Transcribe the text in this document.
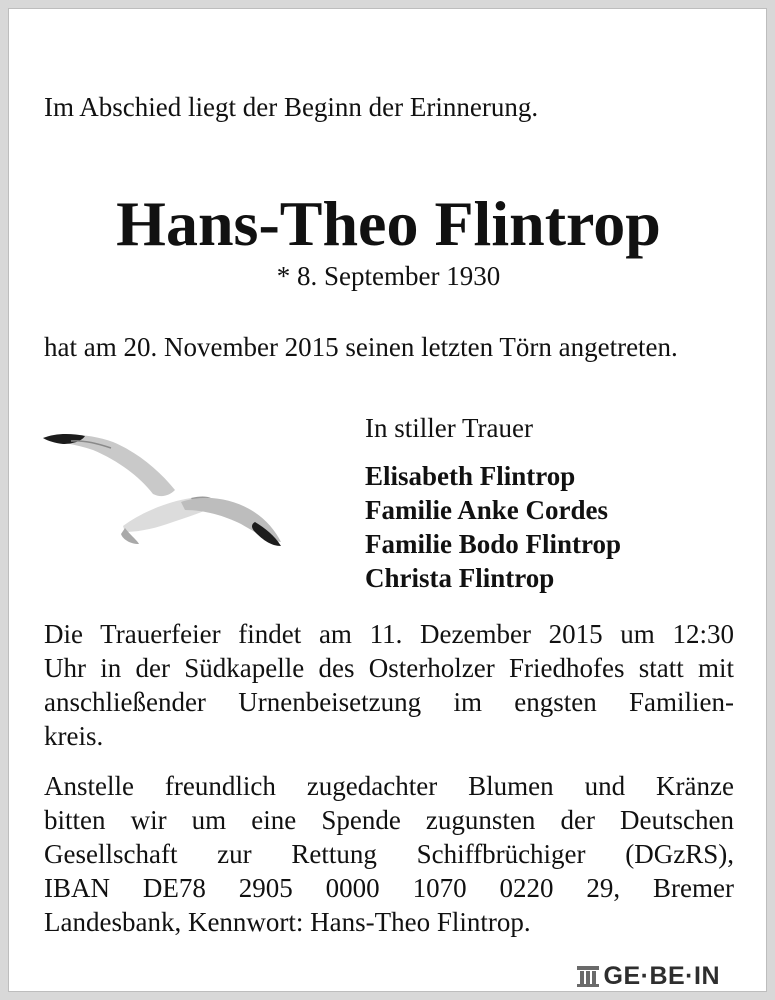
Im Abschied liegt der Beginn der Erinnerung.
Hans-Theo Flintrop
* 8. September 1930
hat am 20. November 2015 seinen letzten Törn angetreten.
In stiller Trauer
Elisabeth Flintrop
Familie Anke Cordes
Familie Bodo Flintrop
Christa Flintrop
Die Trauerfeier findet am 11. Dezember 2015 um 12:30
Uhr in der Südkapelle des Osterholzer Friedhofes statt mit
anschließender Urnenbeisetzung im engsten Familien-
kreis.
Anstelle freundlich zugedachter Blumen und Kränze
bitten wir um eine Spende zugunsten der Deutschen
Gesellschaft zur Rettung Schiffbrüchiger (DGzRS),
IBAN DE78 2905 0000 1070 0220 29, Bremer
Landesbank, Kennwort: Hans-Theo Flintrop.
GE·BE·IN
